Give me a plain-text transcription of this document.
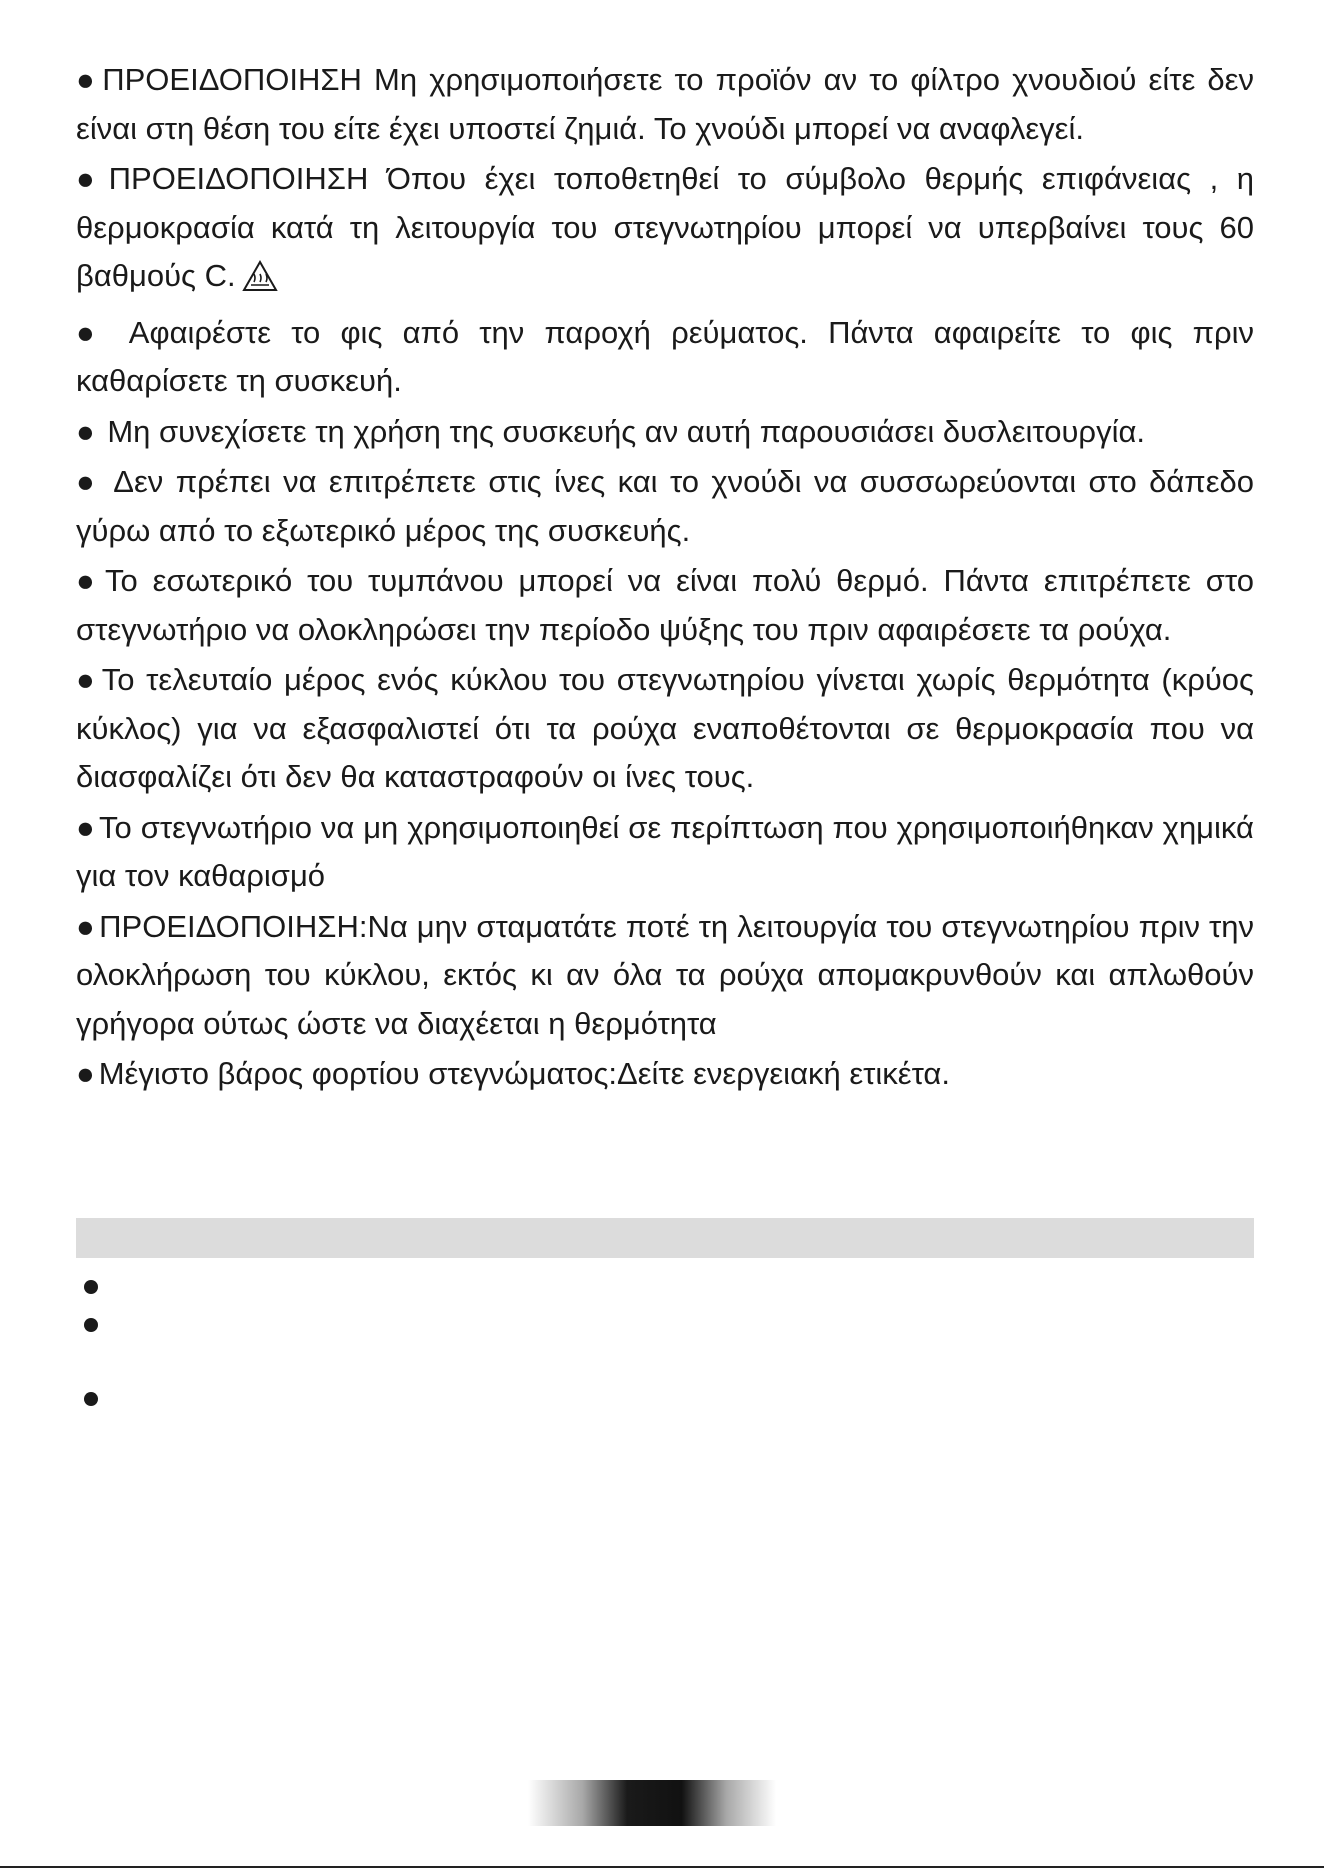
● ΠΡΟΕΙΔΟΠΟΙΗΣΗ Μη χρησιμοποιήσετε το προϊόν αν το φίλτρο χνουδιού είτε δεν είναι στη θέση του είτε έχει υποστεί ζημιά. Το χνούδι μπορεί να αναφλεγεί.

● ΠΡΟΕΙΔΟΠΟΙΗΣΗ Όπου έχει τοποθετηθεί το σύμβολο θερμής επιφάνειας , η θερμοκρασία κατά τη λειτουργία του στεγνωτηρίου μπορεί να υπερβαίνει τους 60 βαθμούς C.

● Αφαιρέστε το φις από την παροχή ρεύματος. Πάντα αφαιρείτε το φις πριν καθαρίσετε τη συσκευή.

● Μη συνεχίσετε τη χρήση της συσκευής αν αυτή παρουσιάσει δυσλειτουργία.

● Δεν πρέπει να επιτρέπετε στις ίνες και το χνούδι να συσσωρεύονται στο δάπεδο γύρω από το εξωτερικό μέρος της συσκευής.

● Το εσωτερικό του τυμπάνου μπορεί να είναι πολύ θερμό. Πάντα επιτρέπετε στο στεγνωτήριο να ολοκληρώσει την περίοδο ψύξης του πριν αφαιρέσετε τα ρούχα.

● Το τελευταίο μέρος ενός κύκλου του στεγνωτηρίου γίνεται χωρίς θερμότητα (κρύος κύκλος) για να εξασφαλιστεί ότι τα ρούχα εναποθέτονται σε θερμοκρασία που να διασφαλίζει ότι δεν θα καταστραφούν οι ίνες τους.

● Το στεγνωτήριο να μη χρησιμοποιηθεί σε περίπτωση που χρησιμοποιήθηκαν χημικά για τον καθαρισμό

● ΠΡΟΕΙΔΟΠΟΙΗΣΗ:Να μην σταματάτε ποτέ τη λειτουργία του στεγνωτηρίου πριν την ολοκλήρωση του κύκλου, εκτός κι αν όλα τα ρούχα απομακρυνθούν και απλωθούν γρήγορα ούτως ώστε να διαχέεται η θερμότητα

● Μέγιστο βάρος φορτίου στεγνώματος:Δείτε ενεργειακή ετικέτα.
